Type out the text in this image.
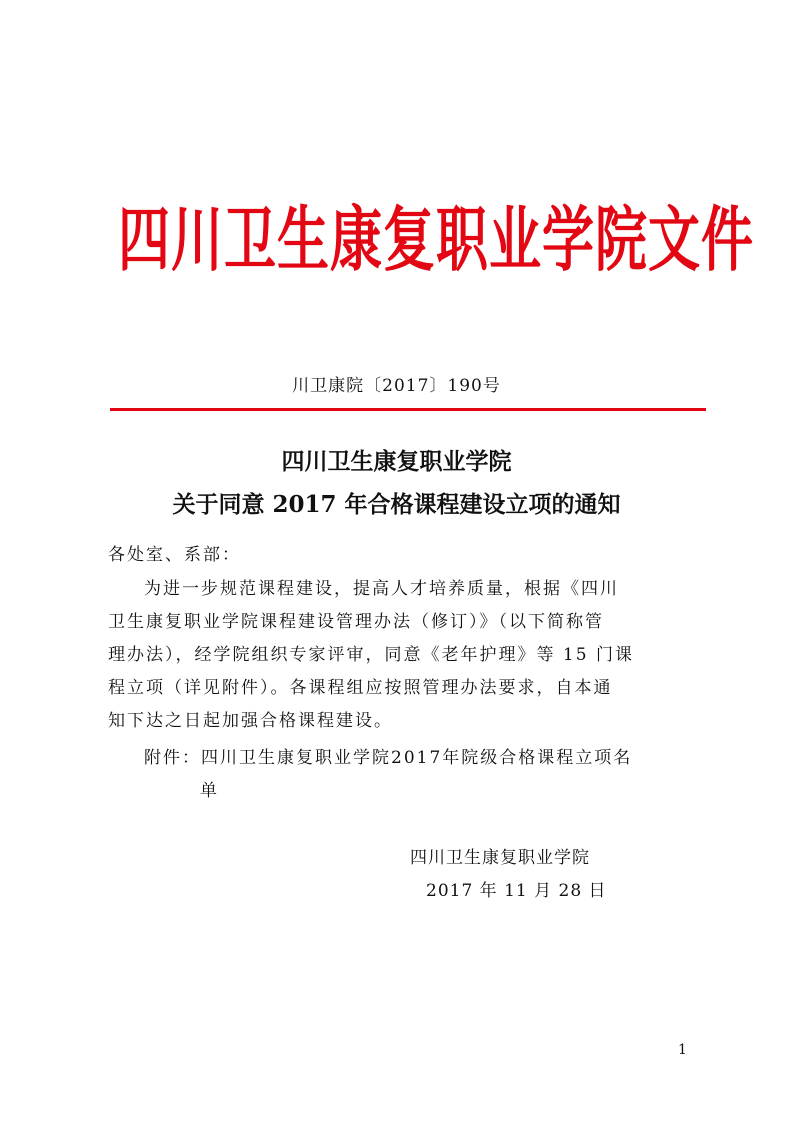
四川卫生康复职业学院文件
川卫康院〔2017〕190号
四川卫生康复职业学院
关于同意 2017 年合格课程建设立项的通知
各处室、系部：
为进一步规范课程建设，提高人才培养质量，根据《四川
卫生康复职业学院课程建设管理办法（修订）》（以下简称管
理办法），经学院组织专家评审，同意《老年护理》等 15 门课
程立项（详见附件）。各课程组应按照管理办法要求，自本通
知下达之日起加强合格课程建设。
附件：四川卫生康复职业学院2017年院级合格课程立项名
单
四川卫生康复职业学院
2017 年 11 月 28 日
1
